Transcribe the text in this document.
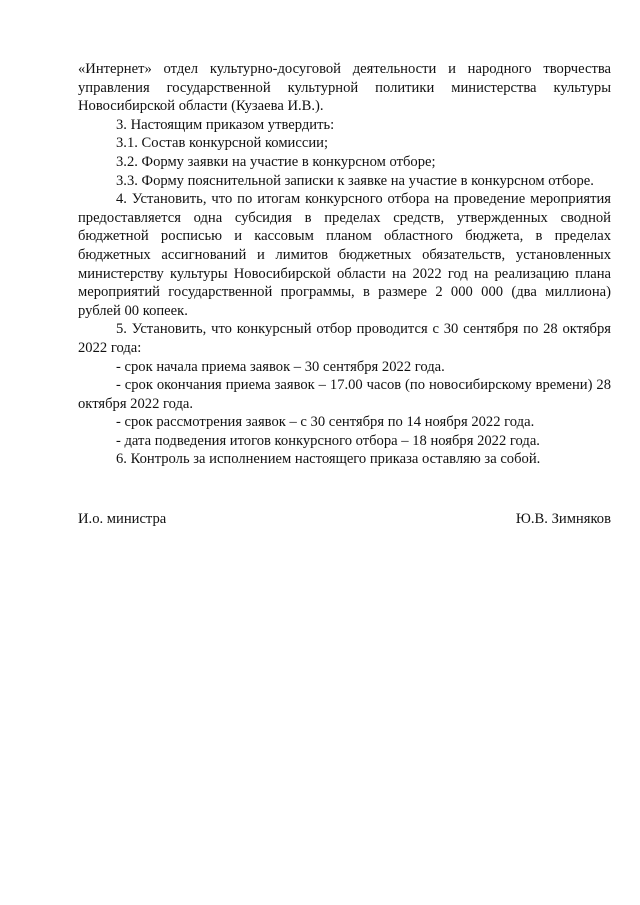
«Интернет» отдел культурно-досуговой деятельности и народного творчества управления государственной культурной политики министерства культуры Новосибирской области (Кузаева И.В.).

3. Настоящим приказом утвердить:

3.1. Состав конкурсной комиссии;

3.2. Форму заявки на участие в конкурсном отборе;

3.3. Форму пояснительной записки к заявке на участие в конкурсном отборе.

4. Установить, что по итогам конкурсного отбора на проведение мероприятия предоставляется одна субсидия в пределах средств, утвержденных сводной бюджетной росписью и кассовым планом областного бюджета, в пределах бюджетных ассигнований и лимитов бюджетных обязательств, установленных министерству культуры Новосибирской области на 2022 год на реализацию плана мероприятий государственной программы, в размере 2 000 000 (два миллиона) рублей 00 копеек.

5. Установить, что конкурсный отбор проводится с 30 сентября по 28 октября 2022 года:

- срок начала приема заявок – 30 сентября 2022 года.

- срок окончания приема заявок – 17.00 часов (по новосибирскому времени) 28 октября 2022 года.

- срок рассмотрения заявок – с 30 сентября по 14 ноября 2022 года.

- дата подведения итогов конкурсного отбора – 18 ноября 2022 года.

6. Контроль за исполнением настоящего приказа оставляю за собой.

И.о. министра	Ю.В. Зимняков
